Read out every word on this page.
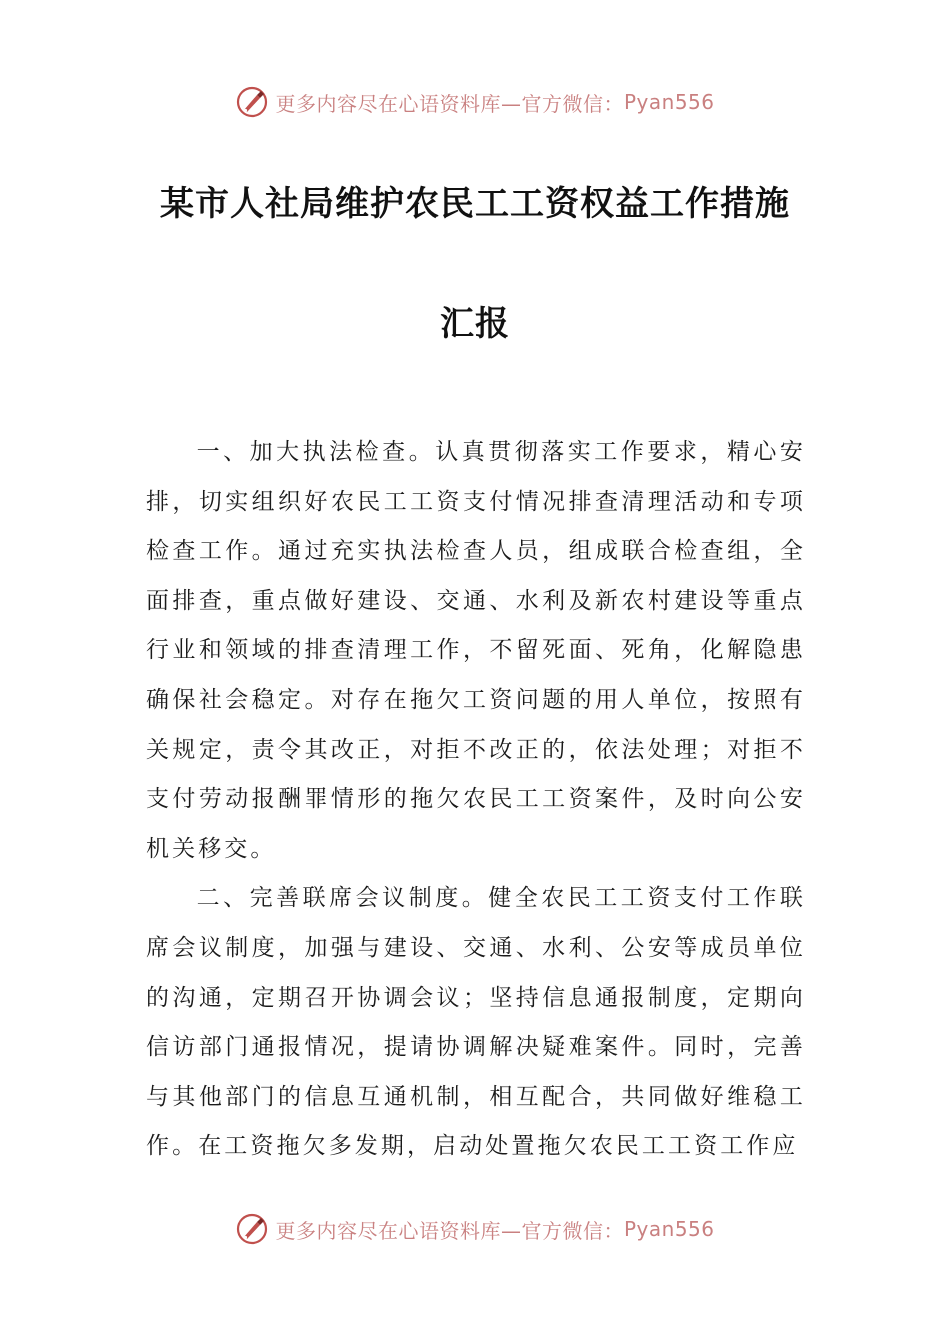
更多内容尽在心语资料库—官方微信： Pyan556
某市人社局维护农民工工资权益工作措施
汇报

一、加大执法检查。认真贯彻落实工作要求，精心安排，切实组织好农民工工资支付情况排查清理活动和专项检查工作。通过充实执法检查人员，组成联合检查组，全面排查，重点做好建设、交通、水利及新农村建设等重点行业和领域的排查清理工作，不留死面、死角，化解隐患确保社会稳定。对存在拖欠工资问题的用人单位，按照有关规定，责令其改正，对拒不改正的，依法处理；对拒不支付劳动报酬罪情形的拖欠农民工工资案件，及时向公安机关移交。

二、完善联席会议制度。健全农民工工资支付工作联席会议制度，加强与建设、交通、水利、公安等成员单位的沟通，定期召开协调会议；坚持信息通报制度，定期向信访部门通报情况，提请协调解决疑难案件。同时，完善与其他部门的信息互通机制，相互配合，共同做好维稳工作。在工资拖欠多发期，启动处置拖欠农民工工资工作应

更多内容尽在心语资料库—官方微信： Pyan556
